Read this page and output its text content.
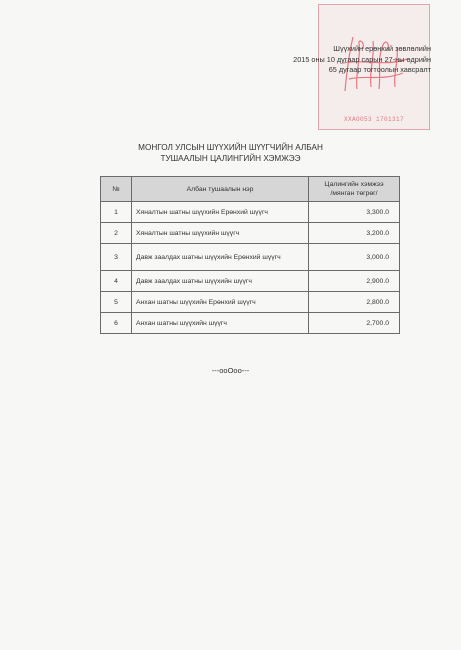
ХХАОО53 1701317
Шүүхийн ерөнхий зөвлөлийн
2015 оны 10 дугаар сарын 27-ны өдрийн
65 дугаар тогтоолын хавсралт
МОНГОЛ УЛСЫН ШҮҮХИЙН ШҮҮГЧИЙН АЛБАН
ТУШААЛЫН ЦАЛИНГИЙН ХЭМЖЭЭ
№	Албан тушаалын нэр	Цалингийн хэмжээ
/мянган төгрөг/

1	Хяналтын шатны шүүхийн Ерөнхий шүүгч	3,300.0
2	Хяналтын шатны шүүхийн шүүгч	3,200.0
3	Давж заалдах шатны шүүхийн Ерөнхий шүүгч	3,000.0
4	Давж заалдах шатны шүүхийн шүүгч	2,900.0
5	Анхан шатны шүүхийн Ерөнхий шүүгч	2,800.0
6	Анхан шатны шүүхийн шүүгч	2,700.0
---ooOoo---
